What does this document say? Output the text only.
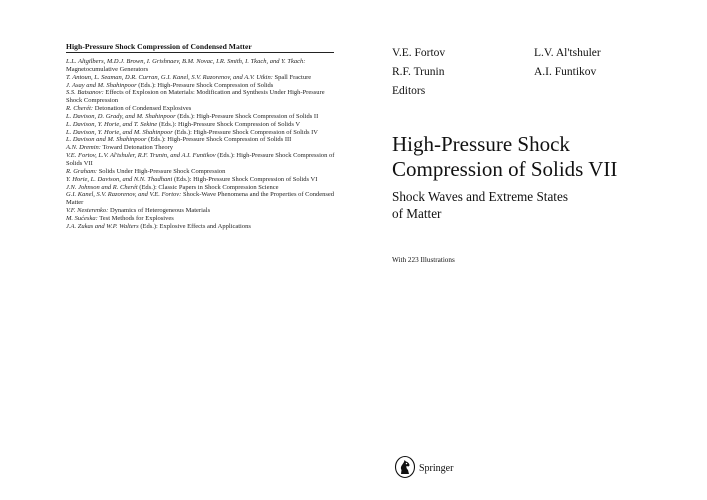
High-Pressure Shock Compression of Condensed Matter
L.L. Altgilbers, M.D.J. Brown, I. Grishnaev, B.M. Novac, I.R. Smith, I. Tkach, and Y. Tkach: Magnetocumulative Generators
T. Antoun, L. Seaman, D.R. Curran, G.I. Kanel, S.V. Razorenov, and A.V. Utkin: Spall Fracture
J. Asay and M. Shahinpoor (Eds.): High-Pressure Shock Compression of Solids
S.S. Batsanov: Effects of Explosion on Materials: Modification and Synthesis Under High-Pressure Shock Compression
R. Cherét: Detonation of Condensed Explosives
L. Davison, D. Grady, and M. Shahinpoor (Eds.): High-Pressure Shock Compression of Solids II
L. Davison, Y. Horie, and T. Sekine (Eds.): High-Pressure Shock Compression of Solids V
L. Davison, Y. Horie, and M. Shahinpoor (Eds.): High-Pressure Shock Compression of Solids IV
L. Davison and M. Shahinpoor (Eds.): High-Pressure Shock Compression of Solids III
A.N. Dremin: Toward Detonation Theory
V.E. Fortov, L.V. Al'tshuler, R.F. Trunin, and A.I. Funtikov (Eds.): High-Pressure Shock Compression of Solids VII
R. Graham: Solids Under High-Pressure Shock Compression
Y. Horie, L. Davison, and N.N. Thadhani (Eds.): High-Pressure Shock Compression of Solids VI
J.N. Johnson and R. Cherét (Eds.): Classic Papers in Shock Compression Science
G.I. Kanel, S.V. Razorenov, and V.E. Fortov: Shock-Wave Phenomena and the Properties of Condensed Matter
V.F. Nesterenko: Dynamics of Heterogeneous Materials
M. Sućeska: Test Methods for Explosives
J.A. Zukas and W.P. Walters (Eds.): Explosive Effects and Applications
V.E. Fortov	L.V. Al'tshuler
R.F. Trunin	A.I. Funtikov
Editors
High-Pressure Shock
Compression of Solids VII
Shock Waves and Extreme States
of Matter
With 223 Illustrations
Springer
